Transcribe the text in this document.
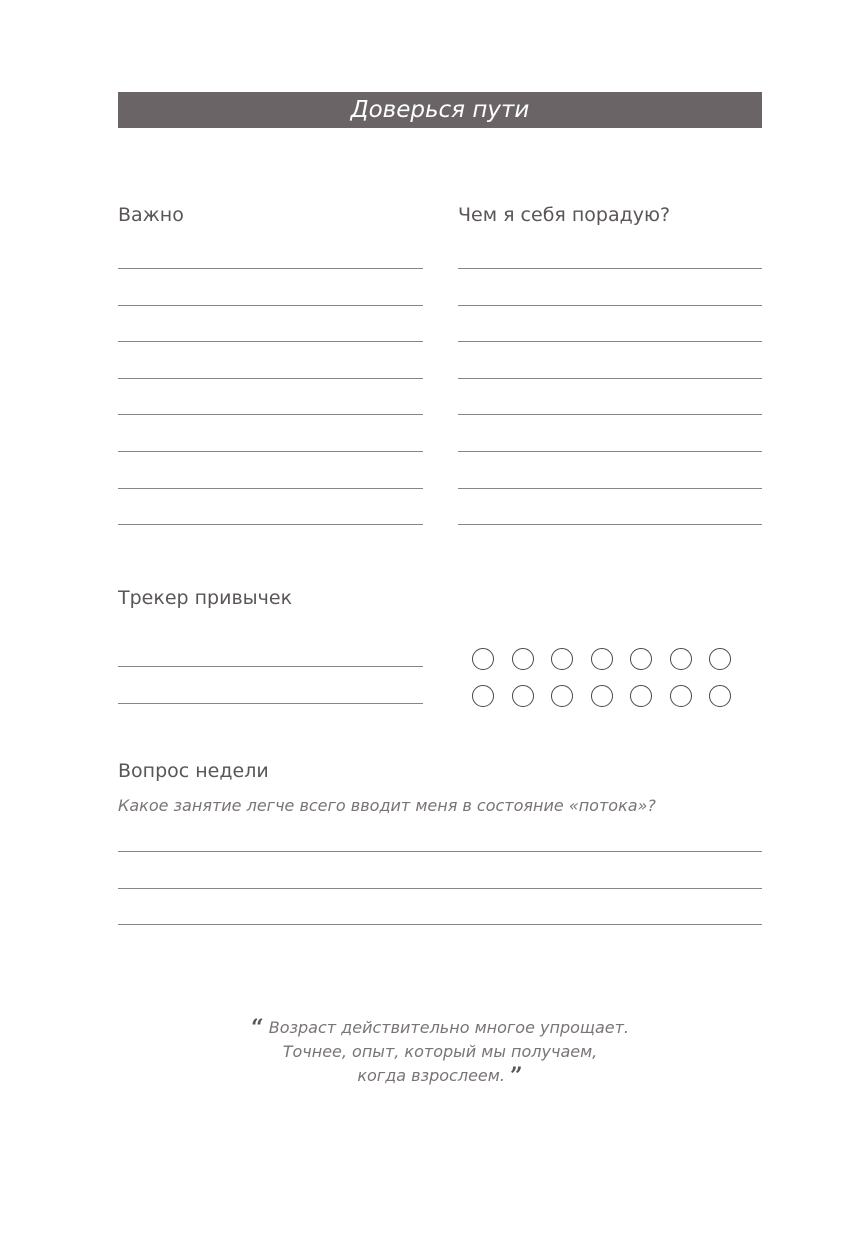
Доверься пути
Важно	Чем я себя порадую?
Трекер привычек
Вопрос недели
Какое занятие легче всего вводит меня в состояние «потока»?
“ Возраст действительно многое упрощает.
Точнее, опыт, который мы получаем,
когда взрослеем. ”
